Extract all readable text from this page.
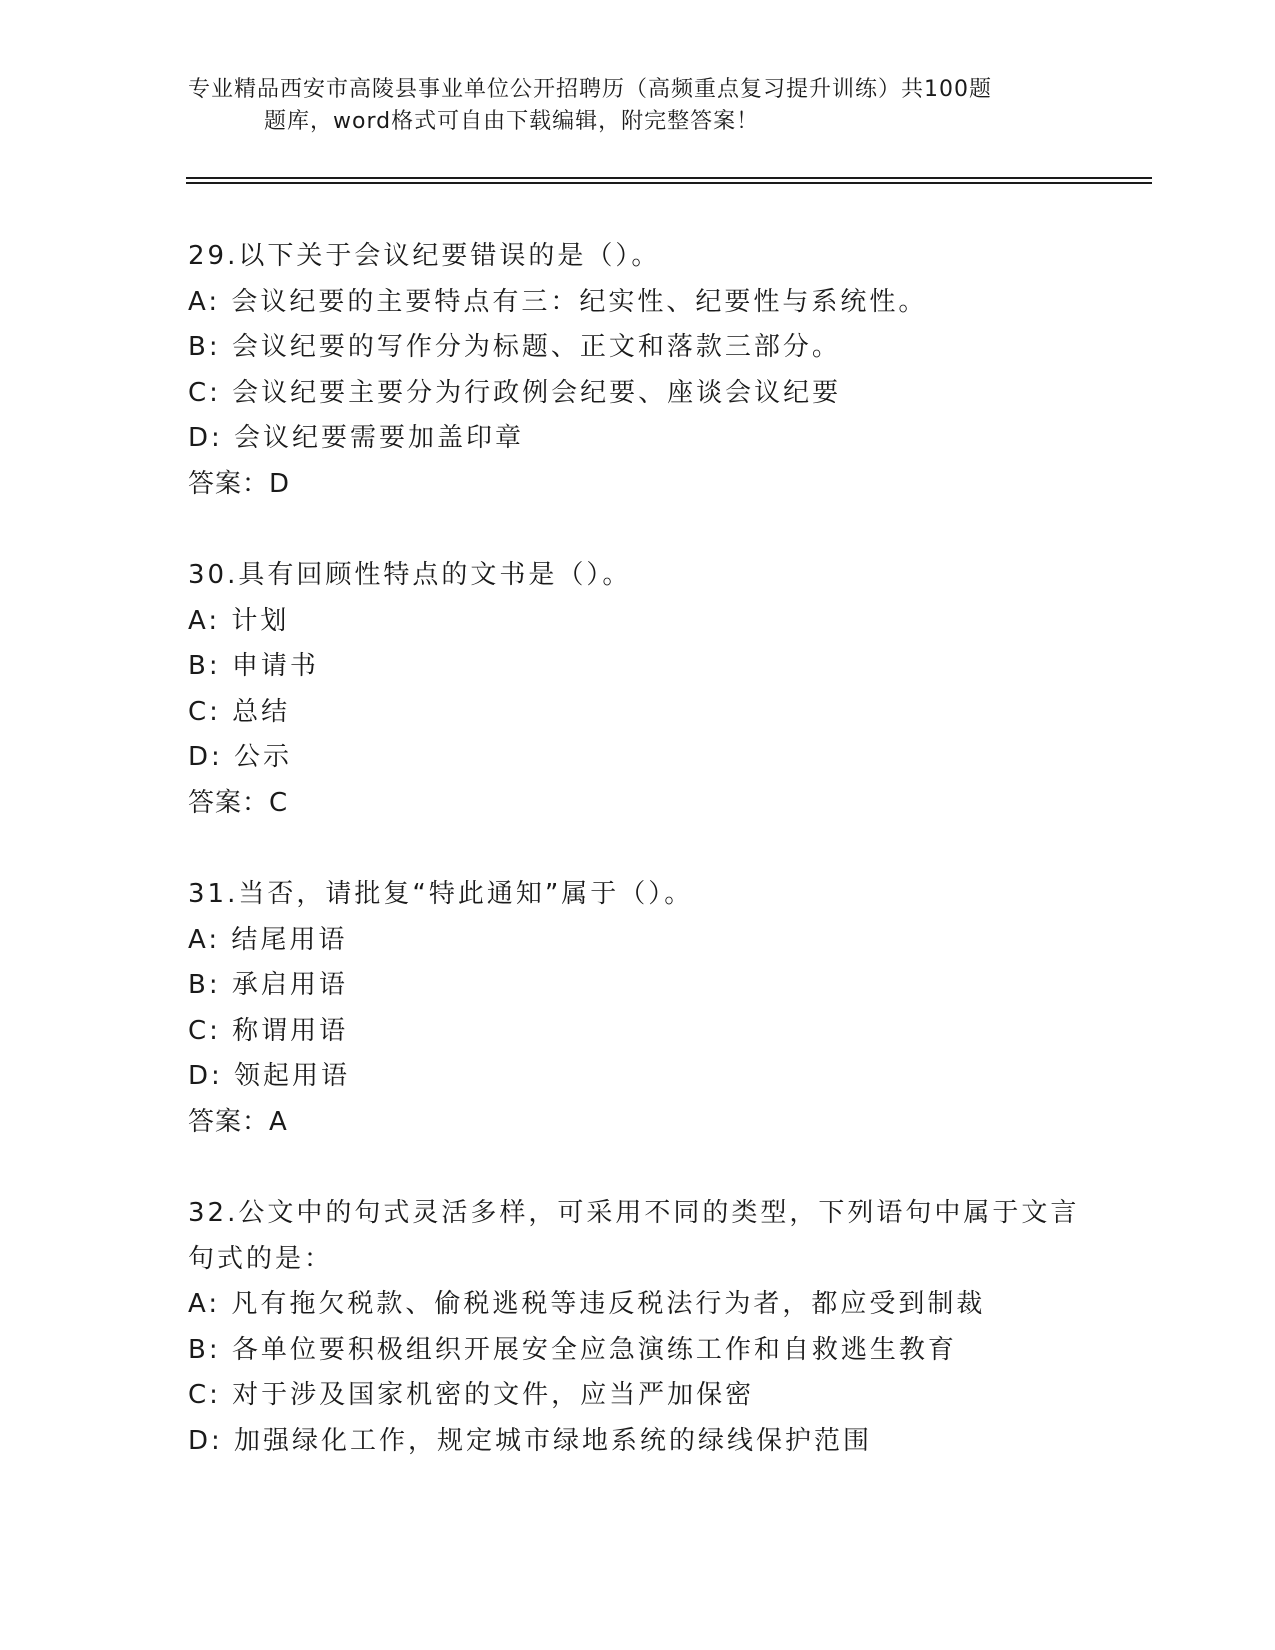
专业精品西安市高陵县事业单位公开招聘历（高频重点复习提升训练）共100题
题库，word格式可自由下载编辑，附完整答案！
29.以下关于会议纪要错误的是（）。
A: 会议纪要的主要特点有三：纪实性、纪要性与系统性。
B: 会议纪要的写作分为标题、正文和落款三部分。
C: 会议纪要主要分为行政例会纪要、座谈会议纪要
D: 会议纪要需要加盖印章
答案：D
30.具有回顾性特点的文书是（）。
A: 计划
B: 申请书
C: 总结
D: 公示
答案：C
31.当否，请批复“特此通知”属于（）。
A: 结尾用语
B: 承启用语
C: 称谓用语
D: 领起用语
答案：A
32.公文中的句式灵活多样，可采用不同的类型，下列语句中属于文言句式的是：
A: 凡有拖欠税款、偷税逃税等违反税法行为者，都应受到制裁
B: 各单位要积极组织开展安全应急演练工作和自救逃生教育
C: 对于涉及国家机密的文件，应当严加保密
D: 加强绿化工作，规定城市绿地系统的绿线保护范围
